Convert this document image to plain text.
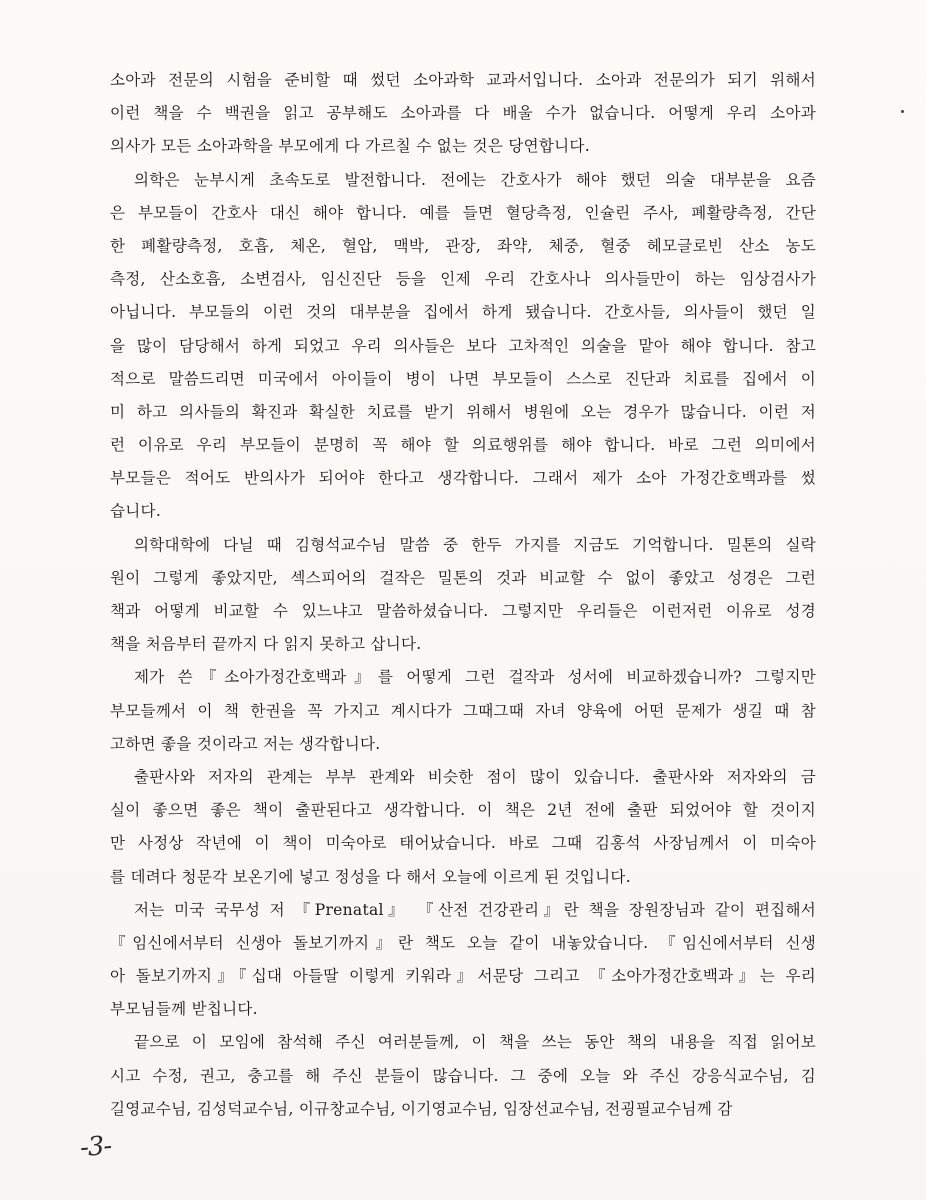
소아과 전문의 시험을 준비할 때 썼던 소아과학 교과서입니다. 소아과 전문의가 되기 위해서
이런 책을 수 백권을 읽고 공부해도 소아과를 다 배울 수가 없습니다. 어떻게 우리 소아과
의사가 모든 소아과학을 부모에게 다 가르칠 수 없는 것은 당연합니다.
의학은 눈부시게 초속도로 발전합니다. 전에는 간호사가 해야 했던 의술 대부분을 요즘
은 부모들이 간호사 대신 해야 합니다. 예를 들면 혈당측정, 인슐린 주사, 폐활량측정, 간단
한 폐활량측정, 호흡, 체온, 혈압, 맥박, 관장, 좌약, 체중, 혈중 헤모글로빈 산소 농도
측정, 산소호흡, 소변검사, 임신진단 등을 인제 우리 간호사나 의사들만이 하는 임상검사가
아닙니다. 부모들의 이런 것의 대부분을 집에서 하게 됐습니다. 간호사들, 의사들이 했던 일
을 많이 담당해서 하게 되었고 우리 의사들은 보다 고차적인 의술을 맡아 해야 합니다. 참고
적으로 말씀드리면 미국에서 아이들이 병이 나면 부모들이 스스로 진단과 치료를 집에서 이
미 하고 의사들의 확진과 확실한 치료를 받기 위해서 병원에 오는 경우가 많습니다. 이런 저
런 이유로 우리 부모들이 분명히 꼭 해야 할 의료행위를 해야 합니다. 바로 그런 의미에서
부모들은 적어도 반의사가 되어야 한다고 생각합니다. 그래서 제가 소아 가정간호백과를 썼
습니다.
의학대학에 다닐 때 김형석교수님 말씀 중 한두 가지를 지금도 기억합니다. 밀톤의 실락
원이 그렇게 좋았지만, 섹스피어의 걸작은 밀톤의 것과 비교할 수 없이 좋았고 성경은 그런
책과 어떻게 비교할 수 있느냐고 말씀하셨습니다. 그렇지만 우리들은 이런저런 이유로 성경
책을 처음부터 끝까지 다 읽지 못하고 삽니다.
제가 쓴『소아가정간호백과』를 어떻게 그런 걸작과 성서에 비교하겠습니까? 그렇지만
부모들께서 이 책 한권을 꼭 가지고 계시다가 그때그때 자녀 양육에 어떤 문제가 생길 때 참
고하면 좋을 것이라고 저는 생각합니다.
출판사와 저자의 관계는 부부 관계와 비슷한 점이 많이 있습니다. 출판사와 저자와의 금
실이 좋으면 좋은 책이 출판된다고 생각합니다. 이 책은 2년 전에 출판 되었어야 할 것이지
만 사정상 작년에 이 책이 미숙아로 태어났습니다. 바로 그때 김홍석 사장님께서 이 미숙아
를 데려다 청문각 보온기에 넣고 정성을 다 해서 오늘에 이르게 된 것입니다.
저는 미국 국무성 저 『Prenatal』 『산전 건강관리』란 책을 장원장님과 같이 편집해서
『임신에서부터 신생아 돌보기까지』란 책도 오늘 같이 내놓았습니다. 『임신에서부터 신생
아 돌보기까지』『십대 아들딸 이렇게 키워라』서문당 그리고 『소아가정간호백과』는 우리
부모님들께 받칩니다.
끝으로 이 모임에 참석해 주신 여러분들께, 이 책을 쓰는 동안 책의 내용을 직접 읽어보
시고 수정, 권고, 충고를 해 주신 분들이 많습니다. 그 중에 오늘 와 주신 강응식교수님, 김
길영교수님, 김성덕교수님, 이규창교수님, 이기영교수님, 임장선교수님, 전굉필교수님께 감
-3-
